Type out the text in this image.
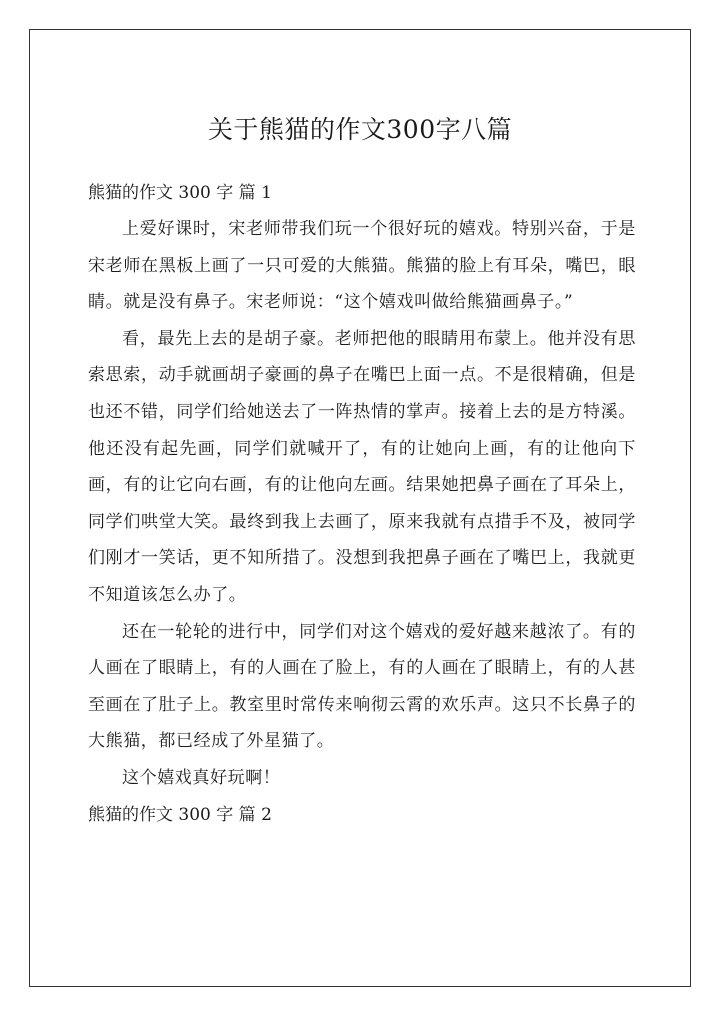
关于熊猫的作文300字八篇
熊猫的作文 300 字 篇 1

上爱好课时，宋老师带我们玩一个很好玩的嬉戏。特别兴奋，于是宋老师在黑板上画了一只可爱的大熊猫。熊猫的脸上有耳朵，嘴巴，眼睛。就是没有鼻子。宋老师说：“这个嬉戏叫做给熊猫画鼻子。”

看，最先上去的是胡子豪。老师把他的眼睛用布蒙上。他并没有思索思索，动手就画胡子豪画的鼻子在嘴巴上面一点。不是很精确，但是也还不错，同学们给她送去了一阵热情的掌声。接着上去的是方特溪。他还没有起先画，同学们就喊开了，有的让她向上画，有的让他向下画，有的让它向右画，有的让他向左画。结果她把鼻子画在了耳朵上，同学们哄堂大笑。最终到我上去画了，原来我就有点措手不及，被同学们刚才一笑话，更不知所措了。没想到我把鼻子画在了嘴巴上，我就更不知道该怎么办了。

还在一轮轮的进行中，同学们对这个嬉戏的爱好越来越浓了。有的人画在了眼睛上，有的人画在了脸上，有的人画在了眼睛上，有的人甚至画在了肚子上。教室里时常传来响彻云霄的欢乐声。这只不长鼻子的大熊猫，都已经成了外星猫了。

这个嬉戏真好玩啊！

熊猫的作文 300 字 篇 2
